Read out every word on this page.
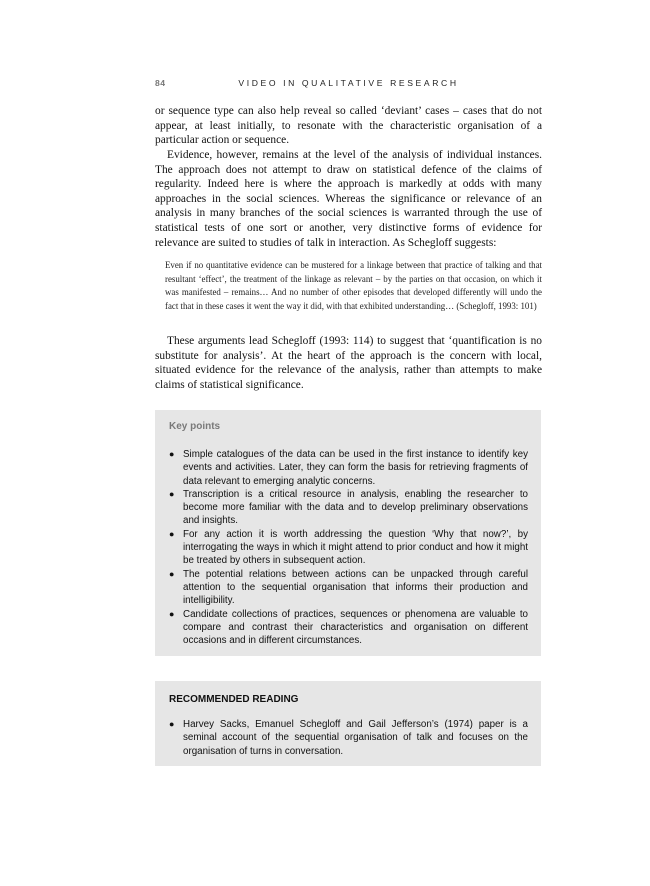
84	VIDEO IN QUALITATIVE RESEARCH

or sequence type can also help reveal so called ‘deviant’ cases – cases that do not appear, at least initially, to resonate with the characteristic organisation of a particular action or sequence.

Evidence, however, remains at the level of the analysis of individual instances. The approach does not attempt to draw on statistical defence of the claims of regularity. Indeed here is where the approach is markedly at odds with many approaches in the social sciences. Whereas the significance or relevance of an analysis in many branches of the social sciences is warranted through the use of statistical tests of one sort or another, very distinctive forms of evidence for relevance are suited to studies of talk in interaction. As Schegloff suggests:

Even if no quantitative evidence can be mustered for a linkage between that practice of talking and that resultant ‘effect’, the treatment of the linkage as relevant – by the parties on that occasion, on which it was manifested – remains… And no number of other episodes that developed differently will undo the fact that in these cases it went the way it did, with that exhibited understanding… (Schegloff, 1993: 101)

These arguments lead Schegloff (1993: 114) to suggest that ‘quantification is no substitute for analysis’. At the heart of the approach is the concern with local, situated evidence for the relevance of the analysis, rather than attempts to make claims of statistical significance.

Key points
● Simple catalogues of the data can be used in the first instance to identify key events and activities. Later, they can form the basis for retrieving fragments of data relevant to emerging analytic concerns.
● Transcription is a critical resource in analysis, enabling the researcher to become more familiar with the data and to develop preliminary observations and insights.
● For any action it is worth addressing the question ‘Why that now?’, by interrogating the ways in which it might attend to prior conduct and how it might be treated by others in subsequent action.
● The potential relations between actions can be unpacked through careful attention to the sequential organisation that informs their production and intelligibility.
● Candidate collections of practices, sequences or phenomena are valuable to compare and contrast their characteristics and organisation on different occasions and in different circumstances.
RECOMMENDED READING
● Harvey Sacks, Emanuel Schegloff and Gail Jefferson’s (1974) paper is a seminal account of the sequential organisation of talk and focuses on the organisation of turns in conversation.
